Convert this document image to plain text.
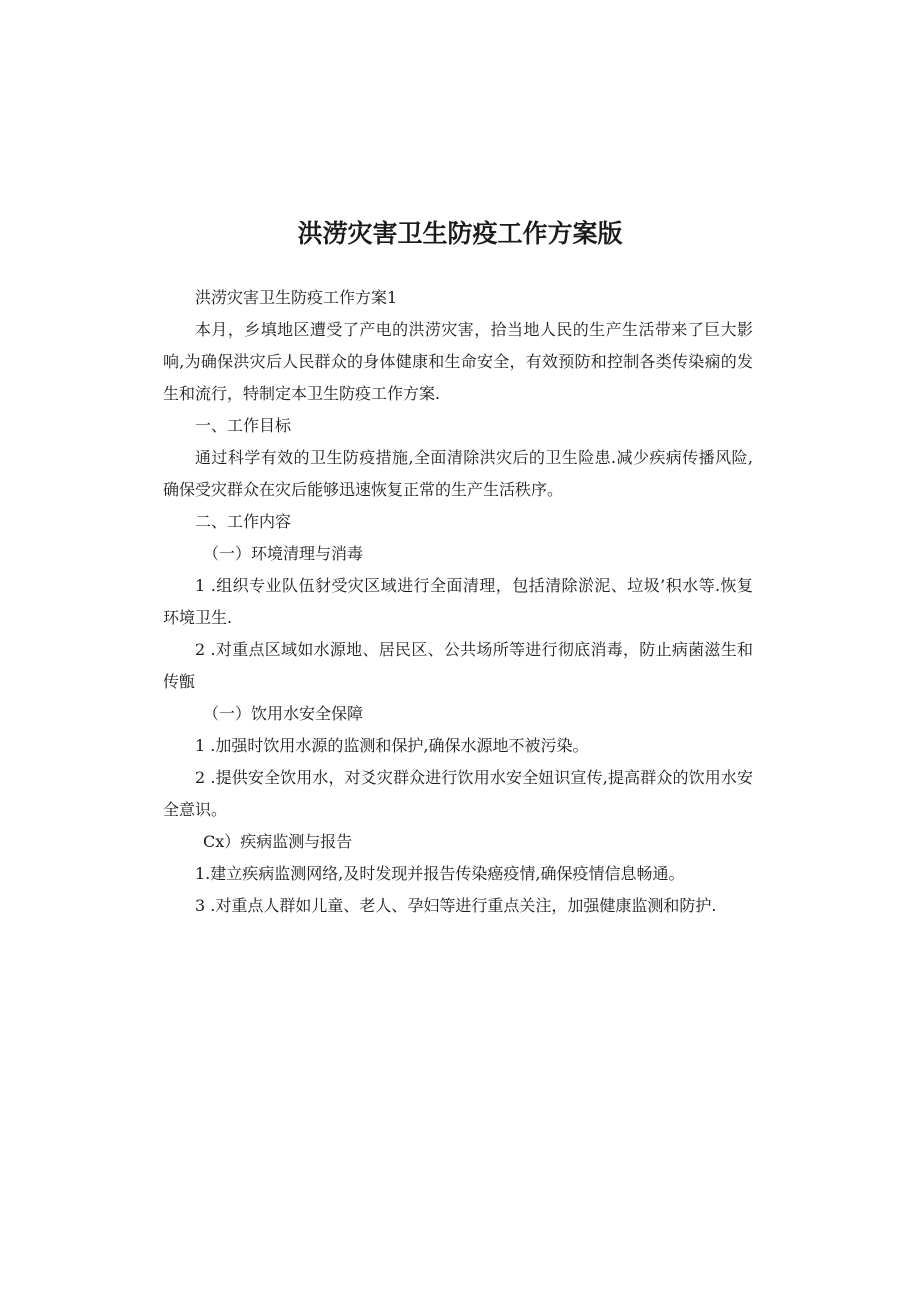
洪涝灾害卫生防疫工作方案版

洪涝灾害卫生防疫工作方案1

本月，乡填地区遭受了产电的洪涝灾害，拾当地人民的生产生活带来了巨大影响,为确保洪灾后人民群众的身体健康和生命安全，有效预防和控制各类传染痫的发生和流行，特制定本卫生防疫工作方案.

一、工作目标

通过科学有效的卫生防疫措施,全面清除洪灾后的卫生险患.减少疾病传播风险,确保受灾群众在灾后能够迅速恢复正常的生产生活秩序。

二、工作内容

（一）环境清理与消毒

1 .组织专业队伍豺受灾区域进行全面清理，包括清除淤泥、垃圾’积水等.恢复环境卫生.

2 .对重点区域如水源地、居民区、公共场所等进行彻底消毒，防止病菌滋生和传甑

（一）饮用水安全保障

1 .加强时饮用水源的监测和保护,确保水源地不被污染。

2 .提供安全饮用水，对爻灾群众进行饮用水安全妞识宣传,提高群众的饮用水安全意识。

Cx）疾病监测与报告

1.建立疾病监测网络,及时发现并报告传染癌疫情,确保疫情信息畅通。

3 .对重点人群如儿童、老人、孕妇等进行重点关注，加强健康监测和防护.
